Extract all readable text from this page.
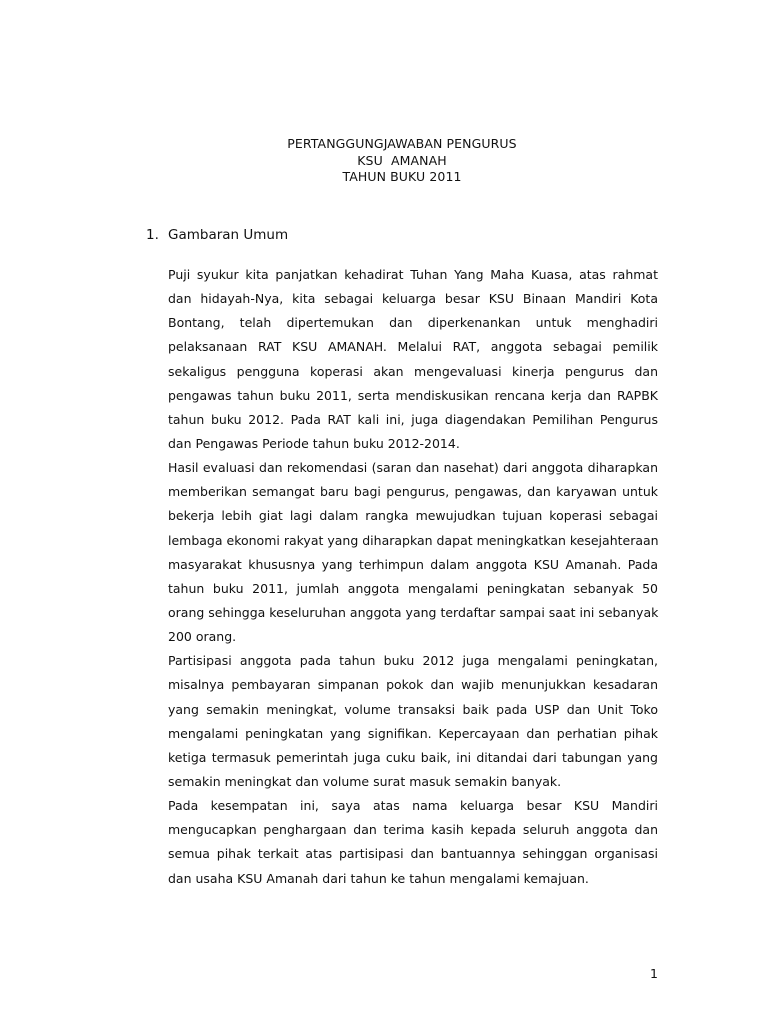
PERTANGGUNGJAWABAN PENGURUS
KSU  AMANAH
TAHUN BUKU 2011
1. Gambaran Umum
Puji syukur kita panjatkan kehadirat Tuhan Yang Maha Kuasa, atas rahmat
dan hidayah-Nya, kita sebagai keluarga besar KSU Binaan Mandiri Kota
Bontang, telah dipertemukan dan diperkenankan untuk menghadiri
pelaksanaan RAT KSU AMANAH. Melalui RAT, anggota sebagai pemilik
sekaligus pengguna koperasi akan mengevaluasi kinerja pengurus dan
pengawas tahun buku 2011, serta mendiskusikan rencana kerja dan RAPBK
tahun buku 2012. Pada RAT kali ini, juga diagendakan Pemilihan Pengurus
dan Pengawas Periode tahun buku 2012-2014.
Hasil evaluasi dan rekomendasi (saran dan nasehat) dari anggota diharapkan
memberikan semangat baru bagi pengurus, pengawas, dan karyawan untuk
bekerja lebih giat lagi dalam rangka mewujudkan tujuan koperasi sebagai
lembaga ekonomi rakyat yang diharapkan dapat meningkatkan kesejahteraan
masyarakat khususnya yang terhimpun dalam anggota KSU Amanah. Pada
tahun buku 2011, jumlah anggota mengalami peningkatan sebanyak 50
orang sehingga keseluruhan anggota yang terdaftar sampai saat ini sebanyak
200 orang.
Partisipasi anggota pada tahun buku 2012 juga mengalami peningkatan,
misalnya pembayaran simpanan pokok dan wajib menunjukkan kesadaran
yang semakin meningkat, volume transaksi baik pada USP dan Unit Toko
mengalami peningkatan yang signifikan. Kepercayaan dan perhatian pihak
ketiga termasuk pemerintah juga cuku baik, ini ditandai dari tabungan yang
semakin meningkat dan volume surat masuk semakin banyak.
Pada kesempatan ini, saya atas nama keluarga besar KSU Mandiri
mengucapkan penghargaan dan terima kasih kepada seluruh anggota dan
semua pihak terkait atas partisipasi dan bantuannya sehinggan organisasi
dan usaha KSU Amanah dari tahun ke tahun mengalami kemajuan.
1
